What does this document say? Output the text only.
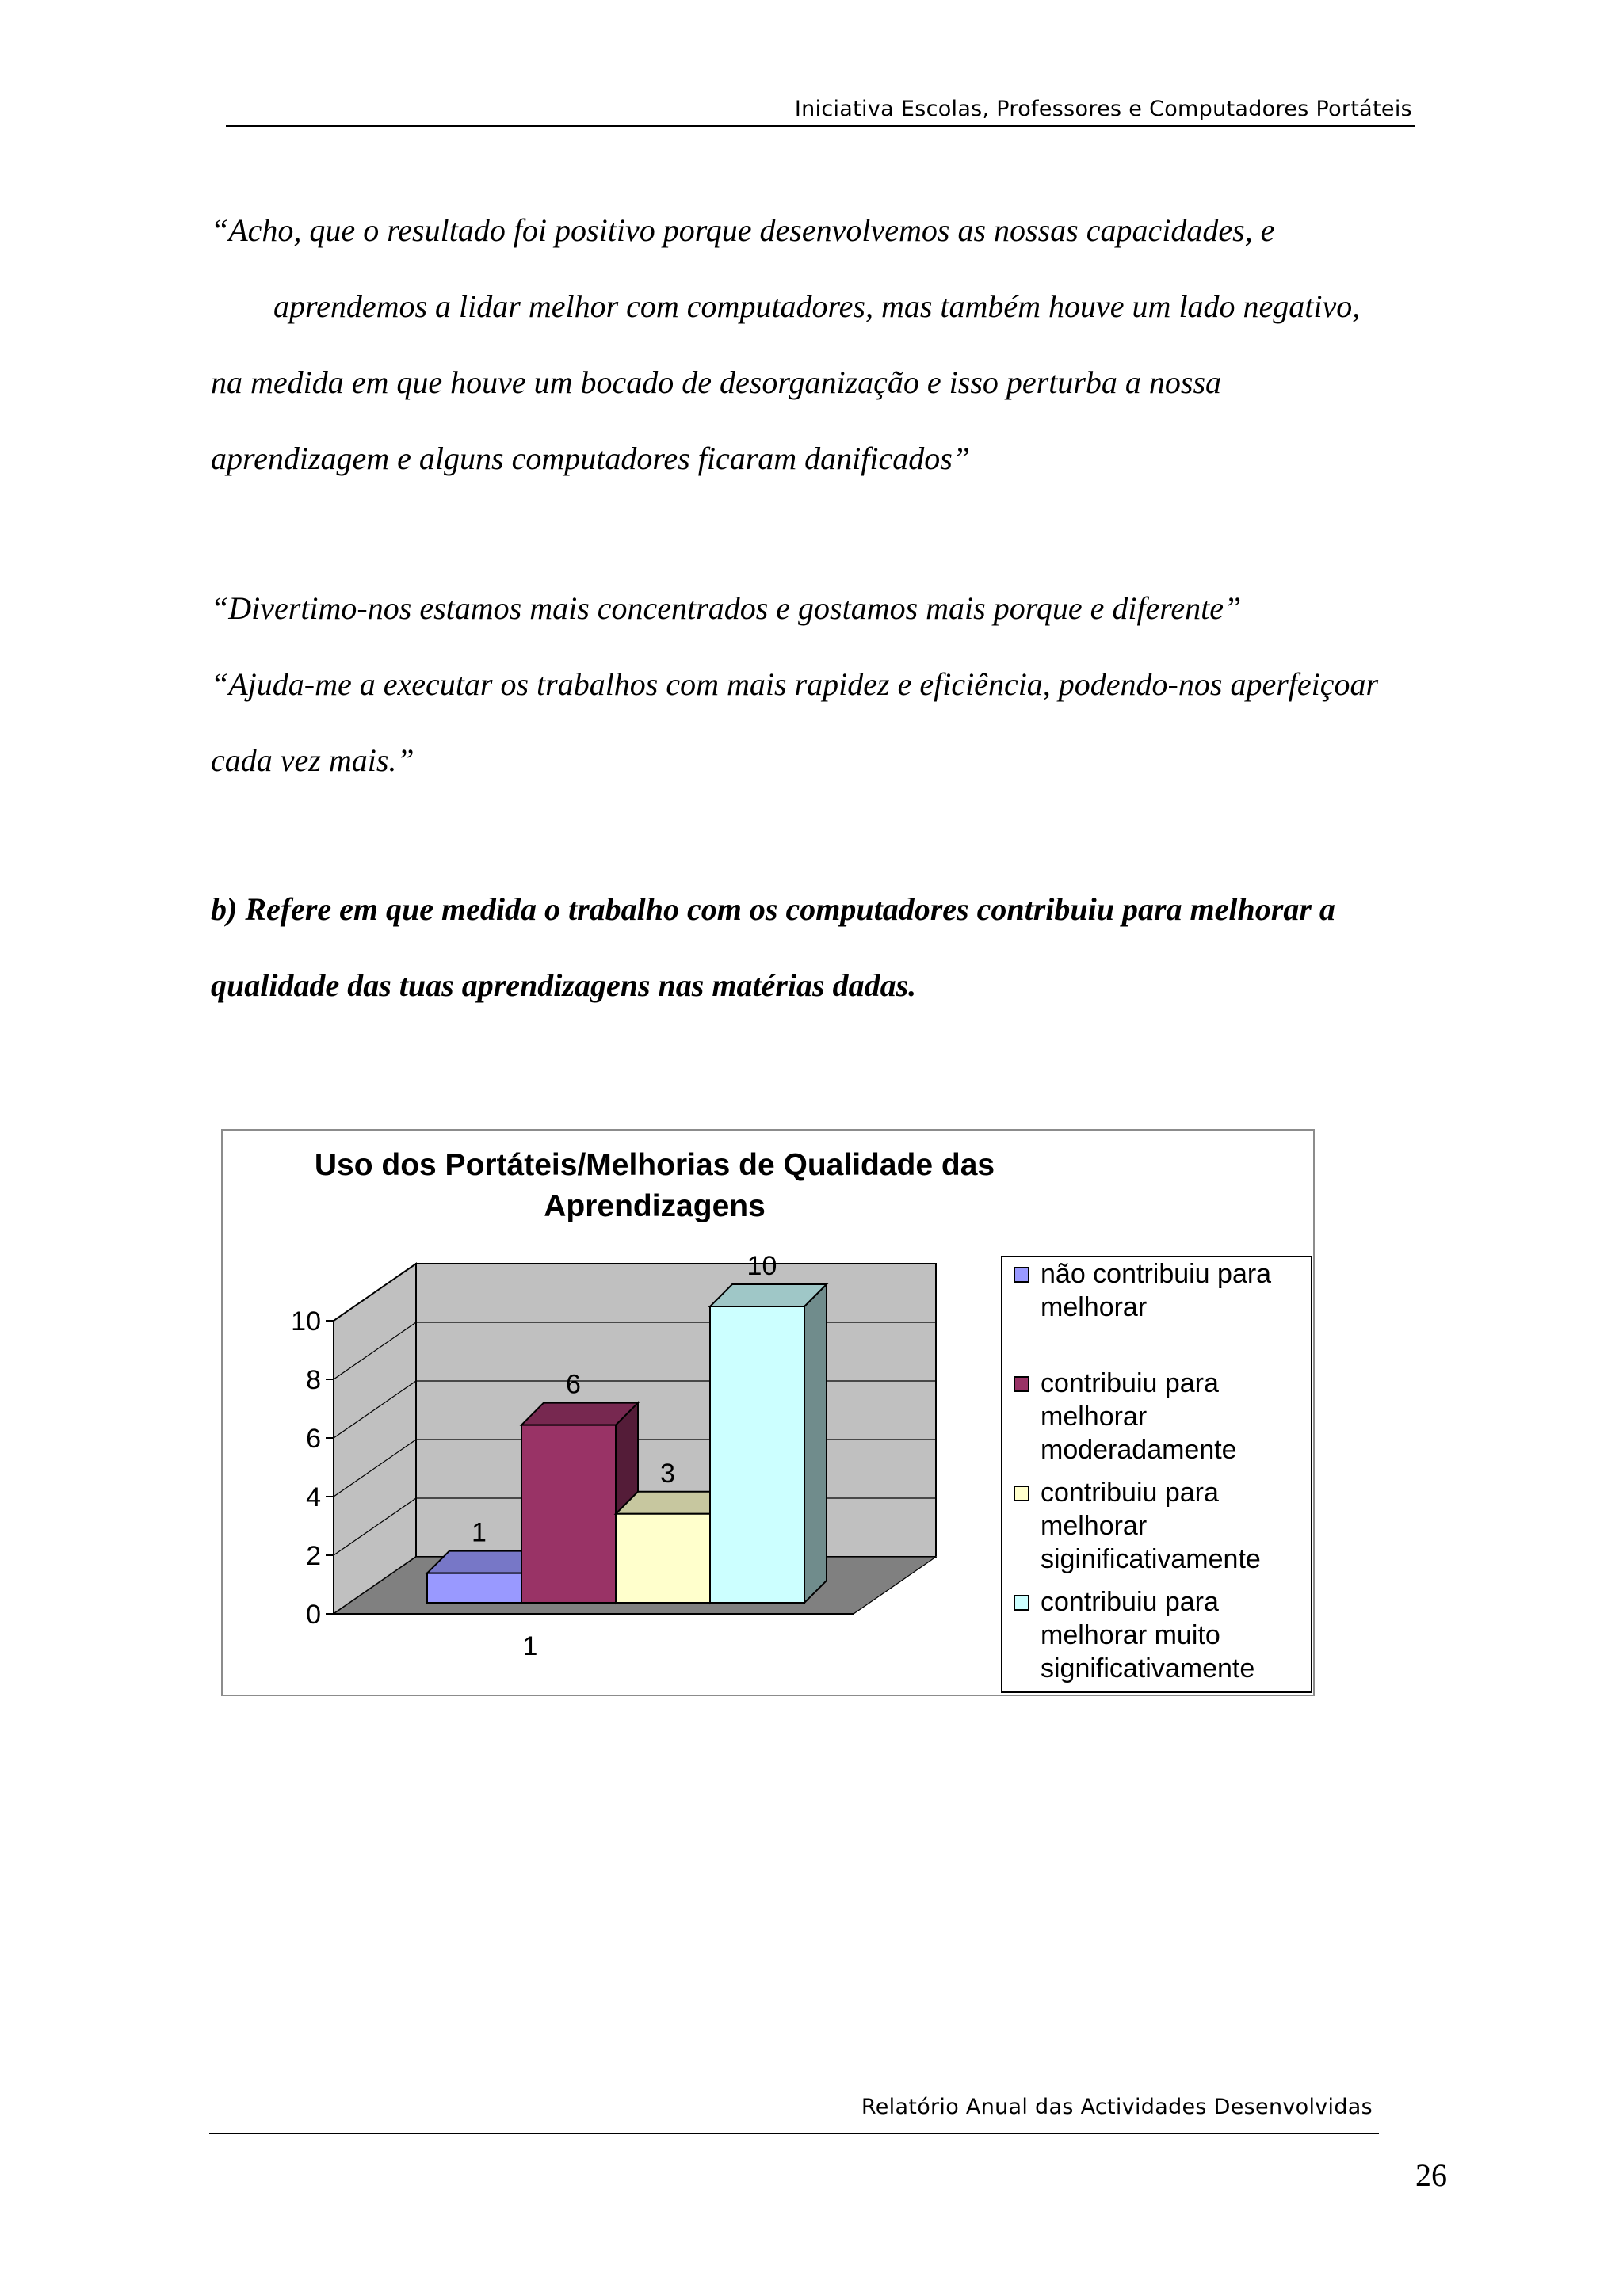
Iniciativa Escolas, Professores e Computadores Portáteis

“Acho, que o resultado foi positivo porque desenvolvemos as nossas capacidades, e

aprendemos a lidar melhor com computadores, mas também houve um lado negativo,

na medida em que houve um bocado de desorganização e isso perturba a nossa

aprendizagem e alguns computadores ficaram danificados”

“Divertimo-nos estamos mais concentrados e gostamos mais porque e diferente”

“Ajuda-me a executar os trabalhos com mais rapidez e eficiência, podendo-nos aperfeiçoar

cada vez mais.”

b) Refere em que medida o trabalho com os computadores contribuiu para melhorar a

qualidade das tuas aprendizagens nas matérias dadas.

Uso dos Portáteis/Melhorias de Qualidade das
Aprendizagens
0
2
4
6
8
10
1
6
3
10
1
não contribuiu para
melhorar
contribuiu para
melhorar
moderadamente
contribuiu para
melhorar
siginificativamente
contribuiu para
melhorar muito
significativamente
Relatório Anual das Actividades Desenvolvidas
26
